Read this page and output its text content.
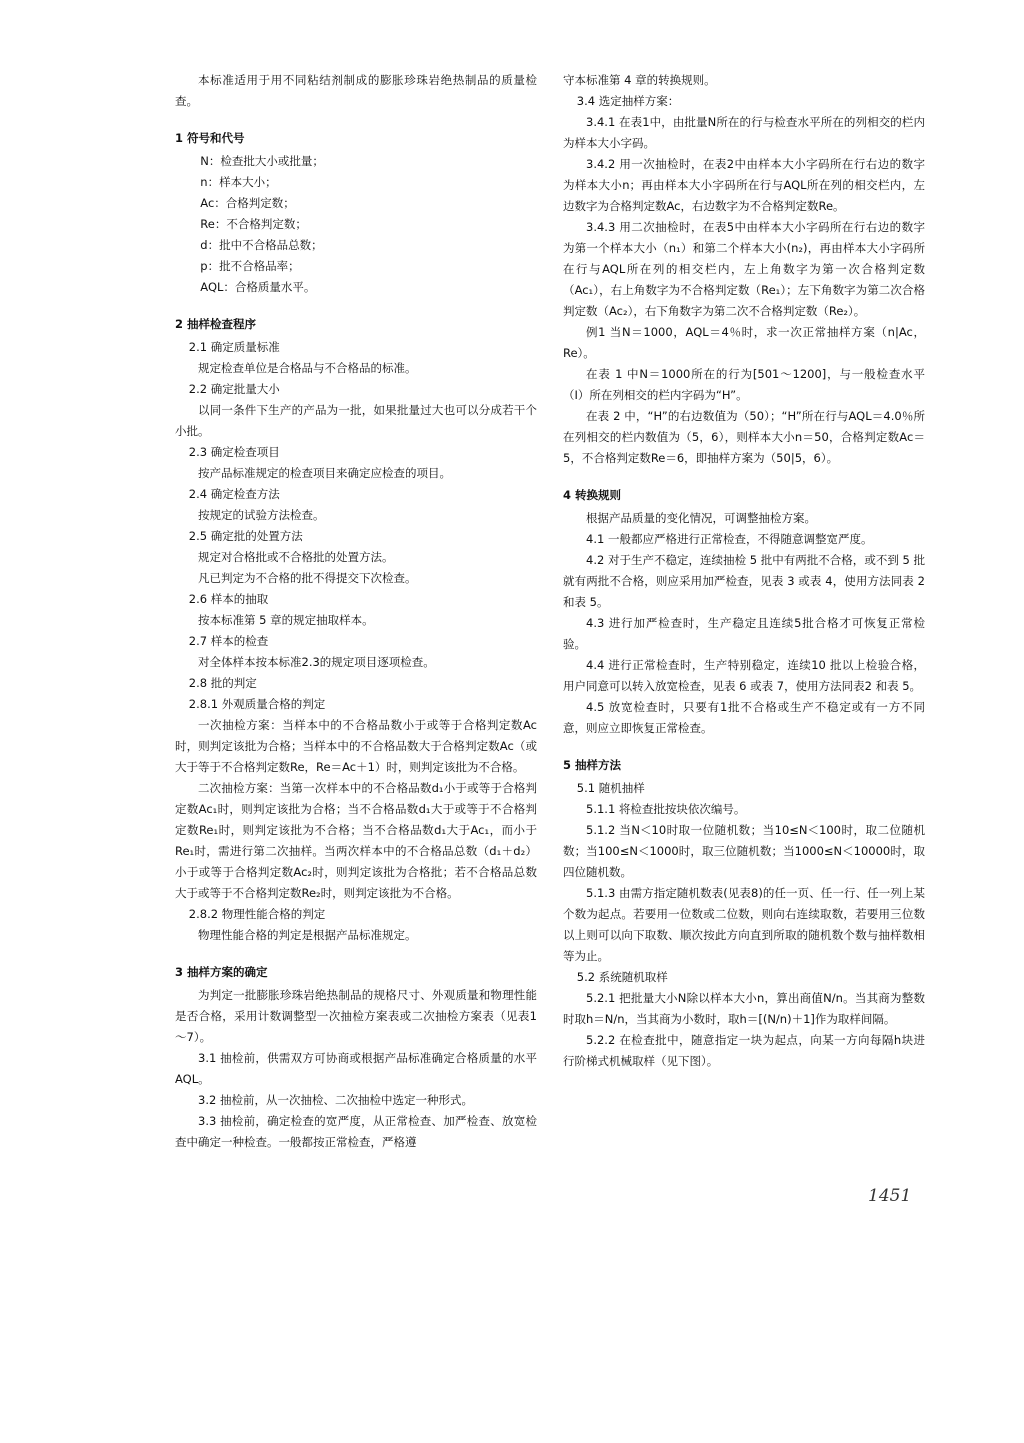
本标准适用于用不同粘结剂制成的膨胀珍珠岩绝热制品的质量检查。

1 符号和代号

N：检查批大小或批量；

n：样本大小；

Ac：合格判定数；

Re：不合格判定数；

d：批中不合格品总数；

p：批不合格品率；

AQL：合格质量水平。

2 抽样检查程序

2.1 确定质量标准

规定检查单位是合格品与不合格品的标准。

2.2 确定批量大小

以同一条件下生产的产品为一批，如果批量过大也可以分成若干个小批。

2.3 确定检查项目

按产品标准规定的检查项目来确定应检查的项目。

2.4 确定检查方法

按规定的试验方法检查。

2.5 确定批的处置方法

规定对合格批或不合格批的处置方法。

凡已判定为不合格的批不得提交下次检查。

2.6 样本的抽取

按本标准第 5 章的规定抽取样本。

2.7 样本的检查

对全体样本按本标准2.3的规定项目逐项检查。

2.8 批的判定

2.8.1 外观质量合格的判定

一次抽检方案：当样本中的不合格品数小于或等于合格判定数Ac时，则判定该批为合格；当样本中的不合格品数大于合格判定数Ac（或大于等于不合格判定数Re，Re＝Ac＋1）时，则判定该批为不合格。

二次抽检方案：当第一次样本中的不合格品数d₁小于或等于合格判定数Ac₁时，则判定该批为合格；当不合格品数d₁大于或等于不合格判定数Re₁时，则判定该批为不合格；当不合格品数d₁大于Ac₁，而小于Re₁时，需进行第二次抽样。当两次样本中的不合格品总数（d₁＋d₂）小于或等于合格判定数Ac₂时，则判定该批为合格批；若不合格品总数大于或等于不合格判定数Re₂时，则判定该批为不合格。

2.8.2 物理性能合格的判定

物理性能合格的判定是根据产品标准规定。

3 抽样方案的确定

为判定一批膨胀珍珠岩绝热制品的规格尺寸、外观质量和物理性能是否合格，采用计数调整型一次抽检方案表或二次抽检方案表（见表1～7）。

3.1 抽检前，供需双方可协商或根据产品标准确定合格质量的水平AQL。

3.2 抽检前，从一次抽检、二次抽检中选定一种形式。

3.3 抽检前，确定检查的宽严度，从正常检查、加严检查、放宽检查中确定一种检查。一般都按正常检查，严格遵

守本标准第 4 章的转换规则。

3.4 选定抽样方案：

3.4.1 在表1中，由批量N所在的行与检查水平所在的列相交的栏内为样本大小字码。

3.4.2 用一次抽检时，在表2中由样本大小字码所在行右边的数字为样本大小n；再由样本大小字码所在行与AQL所在列的相交栏内，左边数字为合格判定数Ac，右边数字为不合格判定数Re。

3.4.3 用二次抽检时，在表5中由样本大小字码所在行右边的数字为第一个样本大小（n₁）和第二个样本大小(n₂)，再由样本大小字码所在行与AQL所在列的相交栏内，左上角数字为第一次合格判定数（Ac₁），右上角数字为不合格判定数（Re₁）；左下角数字为第二次合格判定数（Ac₂），右下角数字为第二次不合格判定数（Re₂）。

例1 当N＝1000，AQL＝4％时，求一次正常抽样方案（n|Ac，Re）。

在表 1 中N＝1000所在的行为[501～1200]，与一般检查水平（Ⅰ）所在列相交的栏内字码为“H”。

在表 2 中，“H”的右边数值为（50）；“H”所在行与AQL＝4.0％所在列相交的栏内数值为（5，6），则样本大小n＝50，合格判定数Ac＝5，不合格判定数Re＝6，即抽样方案为（50|5，6）。

4 转换规则

根据产品质量的变化情况，可调整抽检方案。

4.1 一般都应严格进行正常检查，不得随意调整宽严度。

4.2 对于生产不稳定，连续抽检 5 批中有两批不合格，或不到 5 批就有两批不合格，则应采用加严检查，见表 3 或表 4，使用方法同表 2 和表 5。

4.3 进行加严检查时，生产稳定且连续5批合格才可恢复正常检验。

4.4 进行正常检查时，生产特别稳定，连续10 批以上检验合格，用户同意可以转入放宽检查，见表 6 或表 7，使用方法同表2 和表 5。

4.5 放宽检查时，只要有1批不合格或生产不稳定或有一方不同意，则应立即恢复正常检查。

5 抽样方法

5.1 随机抽样

5.1.1 将检查批按块依次编号。

5.1.2 当N＜10时取一位随机数；当10≤N＜100时，取二位随机数；当100≤N＜1000时，取三位随机数；当1000≤N＜10000时，取四位随机数。

5.1.3 由需方指定随机数表(见表8)的任一页、任一行、任一列上某个数为起点。若要用一位数或二位数，则向右连续取数，若要用三位数以上则可以向下取数、顺次按此方向直到所取的随机数个数与抽样数相等为止。

5.2 系统随机取样

5.2.1 把批量大小N除以样本大小n，算出商值N/n。当其商为整数时取h＝N/n，当其商为小数时，取h＝[(N/n)＋1]作为取样间隔。

5.2.2 在检查批中，随意指定一块为起点，向某一方向每隔h块进行阶梯式机械取样（见下图）。

1451
